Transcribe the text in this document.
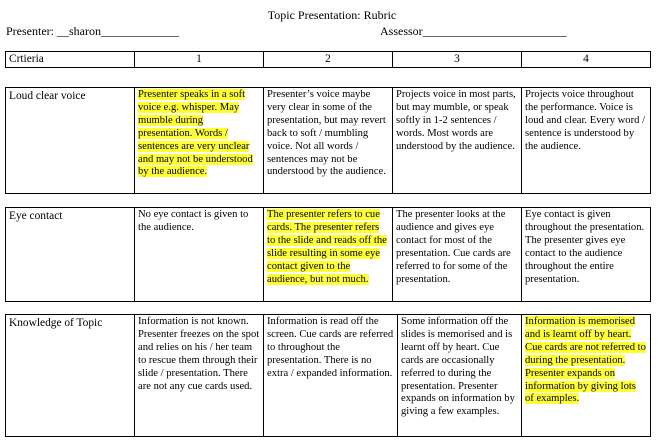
Topic Presentation: Rubric
Presenter: __sharon_____________	Assessor________________________
Crtieria	1	2	3	4
Loud clear voice	Presenter speaks in a soft voice e.g. whisper. May mumble during presentation. Words / sentences are very unclear and may not be understood by the audience.	Presenter’s voice maybe very clear in some of the presentation, but may revert back to soft / mumbling voice. Not all words / sentences may not be understood by the audience.	Projects voice in most parts, but may mumble, or speak softly in 1-2 sentences / words. Most words are understood by the audience.	Projects voice throughout the performance. Voice is loud and clear. Every word / sentence is understood by the audience.
Eye contact	No eye contact is given to the audience.	The presenter refers to cue cards. The presenter refers to the slide and reads off the slide resulting in some eye contact given to the audience, but not much.	The presenter looks at the audience and gives eye contact for most of the presentation. Cue cards are referred to for some of the presentation.	Eye contact is given throughout the presentation. The presenter gives eye contact to the audience throughout the entire presentation.
Knowledge of Topic	Information is not known. Presenter freezes on the spot and relies on his / her team to rescue them through their slide / presentation. There are not any cue cards used.	Information is read off the screen. Cue cards are referred to throughout the presentation. There is no extra / expanded information.	Some information off the slides is memorised and is learnt off by heart. Cue cards are occasionally referred to during the presentation. Presenter expands on information by giving a few examples.	Information is memorised and is learnt off by heart. Cue cards are not referred to during the presentation. Presenter expands on information by giving lots of examples.
